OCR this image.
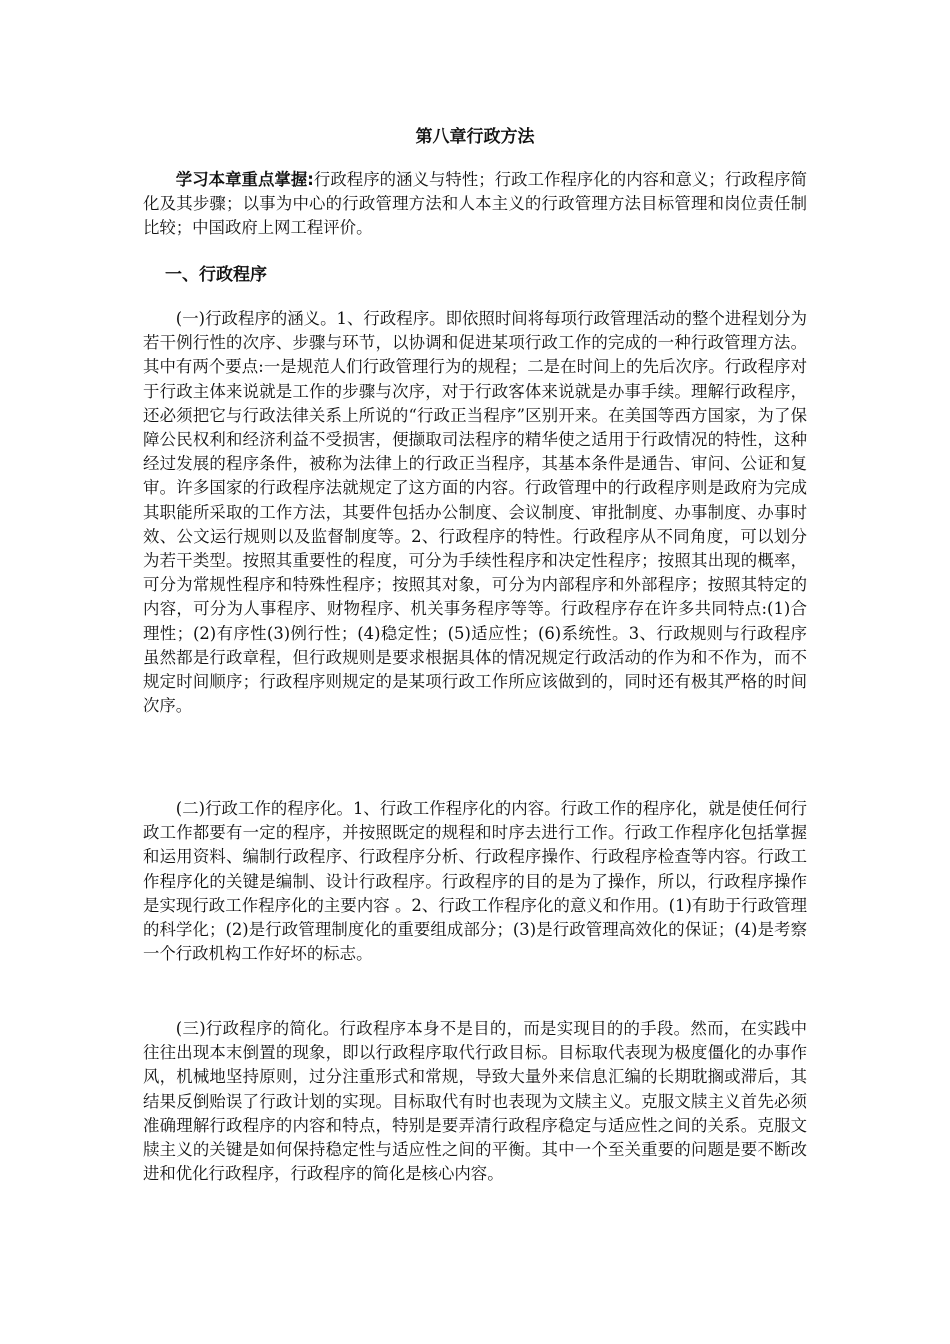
第八章行政方法

学习本章重点掌握:行政程序的涵义与特性；行政工作程序化的内容和意义；行政程序简化及其步骤；以事为中心的行政管理方法和人本主义的行政管理方法目标管理和岗位责任制比较；中国政府上网工程评价。

一、行政程序

(一)行政程序的涵义。1、行政程序。即依照时间将每项行政管理活动的整个进程划分为若干例行性的次序、步骤与环节，以协调和促进某项行政工作的完成的一种行政管理方法。其中有两个要点:一是规范人们行政管理行为的规程；二是在时间上的先后次序。行政程序对于行政主体来说就是工作的步骤与次序，对于行政客体来说就是办事手续。理解行政程序，还必须把它与行政法律关系上所说的“行政正当程序”区别开来。在美国等西方国家，为了保障公民权利和经济利益不受损害，便撷取司法程序的精华使之适用于行政情况的特性，这种经过发展的程序条件，被称为法律上的行政正当程序，其基本条件是通告、审问、公证和复审。许多国家的行政程序法就规定了这方面的内容。行政管理中的行政程序则是政府为完成其职能所采取的工作方法，其要件包括办公制度、会议制度、审批制度、办事制度、办事时效、公文运行规则以及监督制度等。2、行政程序的特性。行政程序从不同角度，可以划分为若干类型。按照其重要性的程度，可分为手续性程序和决定性程序；按照其出现的概率，可分为常规性程序和特殊性程序；按照其对象，可分为内部程序和外部程序；按照其特定的内容，可分为人事程序、财物程序、机关事务程序等等。行政程序存在许多共同特点:(1)合理性；(2)有序性(3)例行性；(4)稳定性；(5)适应性；(6)系统性。3、行政规则与行政程序虽然都是行政章程，但行政规则是要求根据具体的情况规定行政活动的作为和不作为，而不规定时间顺序；行政程序则规定的是某项行政工作所应该做到的，同时还有极其严格的时间次序。

(二)行政工作的程序化。1、行政工作程序化的内容。行政工作的程序化，就是使任何行政工作都要有一定的程序，并按照既定的规程和时序去进行工作。行政工作程序化包括掌握和运用资料、编制行政程序、行政程序分析、行政程序操作、行政程序检查等内容。行政工作程序化的关键是编制、设计行政程序。行政程序的目的是为了操作，所以，行政程序操作是实现行政工作程序化的主要内容 。2、行政工作程序化的意义和作用。(1)有助于行政管理的科学化；(2)是行政管理制度化的重要组成部分；(3)是行政管理高效化的保证；(4)是考察一个行政机构工作好坏的标志。

(三)行政程序的简化。行政程序本身不是目的，而是实现目的的手段。然而，在实践中往往出现本末倒置的现象，即以行政程序取代行政目标。目标取代表现为极度僵化的办事作风，机械地坚持原则，过分注重形式和常规，导致大量外来信息汇编的长期耽搁或滞后，其结果反倒贻误了行政计划的实现。目标取代有时也表现为文牍主义。克服文牍主义首先必须准确理解行政程序的内容和特点，特别是要弄清行政程序稳定与适应性之间的关系。克服文牍主义的关键是如何保持稳定性与适应性之间的平衡。其中一个至关重要的问题是要不断改进和优化行政程序，行政程序的简化是核心内容。
